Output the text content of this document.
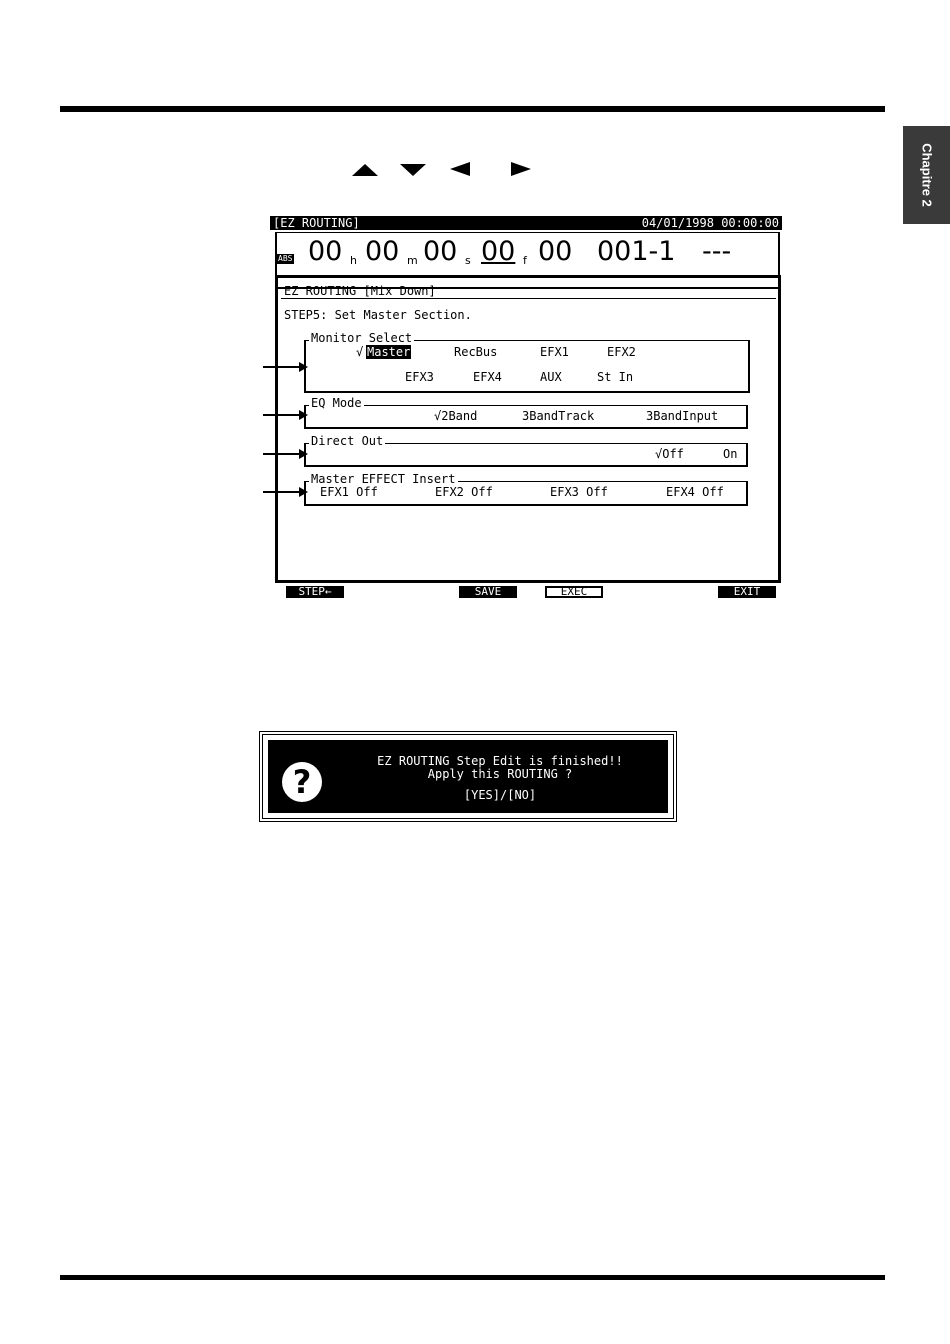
Chapitre 2
[EZ ROUTING]	04/01/1998 00:00:00
ABS 00 h 00 m 00 s 00 f 00 001-1 ---
EZ ROUTING [Mix Down]
STEP5: Set Master Section.
Monitor Select
√ Master	RecBus	EFX1	EFX2
EFX3	EFX4	AUX	St In
EQ Mode
√2Band	3BandTrack	3BandInput
Direct Out
√Off	On
Master EFFECT Insert
EFX1 Off	EFX2 Off	EFX3 Off	EFX4 Off
STEP←	SAVE	EXEC	EXIT
?
EZ ROUTING Step Edit is finished!!
Apply this ROUTING ?
[YES]/[NO]
